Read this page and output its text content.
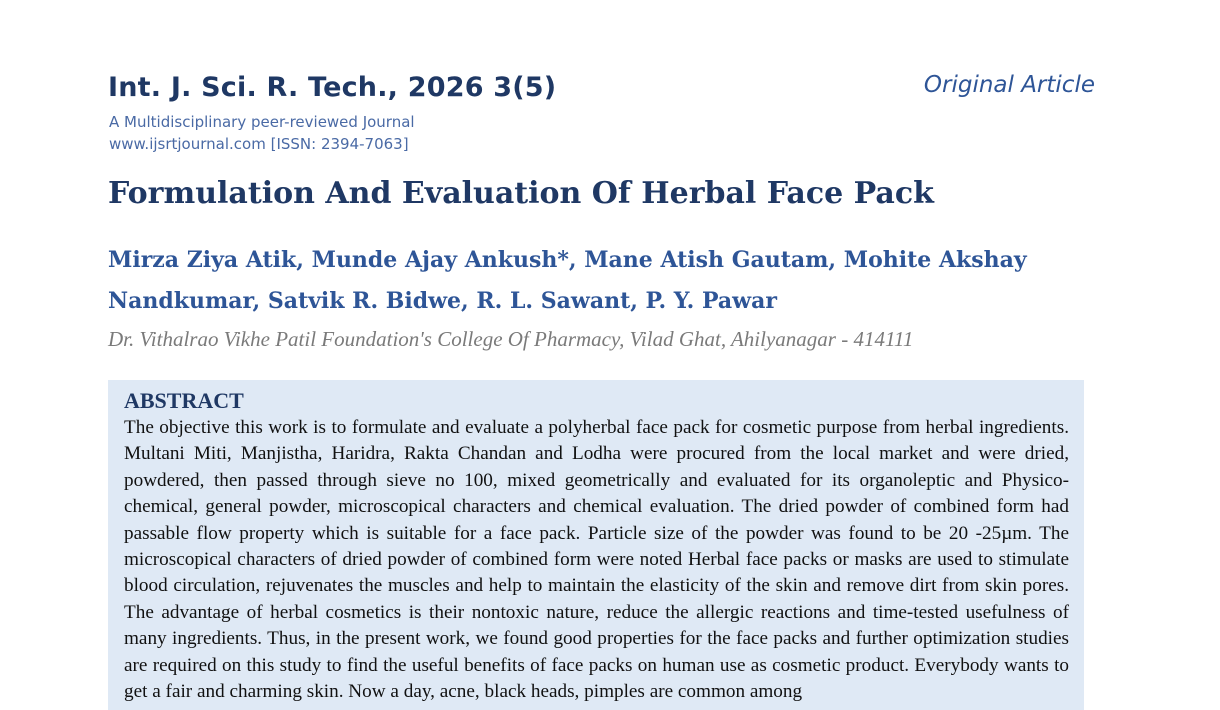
Int. J. Sci. R. Tech., 2026 3(5)
A Multidisciplinary peer-reviewed Journal
www.ijsrtjournal.com [ISSN: 2394-7063]
Original Article
Formulation And Evaluation Of Herbal Face Pack
Mirza Ziya Atik, Munde Ajay Ankush*, Mane Atish Gautam, Mohite Akshay Nandkumar, Satvik R. Bidwe, R. L. Sawant, P. Y. Pawar
Dr. Vithalrao Vikhe Patil Foundation's College Of Pharmacy, Vilad Ghat, Ahilyanagar - 414111
ABSTRACT

The objective this work is to formulate and evaluate a polyherbal face pack for cosmetic purpose from herbal ingredients. Multani Miti, Manjistha, Haridra, Rakta Chandan and Lodha were procured from the local market and were dried, powdered, then passed through sieve no 100, mixed geometrically and evaluated for its organoleptic and Physico-chemical, general powder, microscopical characters and chemical evaluation. The dried powder of combined form had passable flow property which is suitable for a face pack. Particle size of the powder was found to be 20 -25µm. The microscopical characters of dried powder of combined form were noted Herbal face packs or masks are used to stimulate blood circulation, rejuvenates the muscles and help to maintain the elasticity of the skin and remove dirt from skin pores. The advantage of herbal cosmetics is their nontoxic nature, reduce the allergic reactions and time-tested usefulness of many ingredients. Thus, in the present work, we found good properties for the face packs and further optimization studies are required on this study to find the useful benefits of face packs on human use as cosmetic product. Everybody wants to get a fair and charming skin. Now a day, acne, black heads, pimples are common among
